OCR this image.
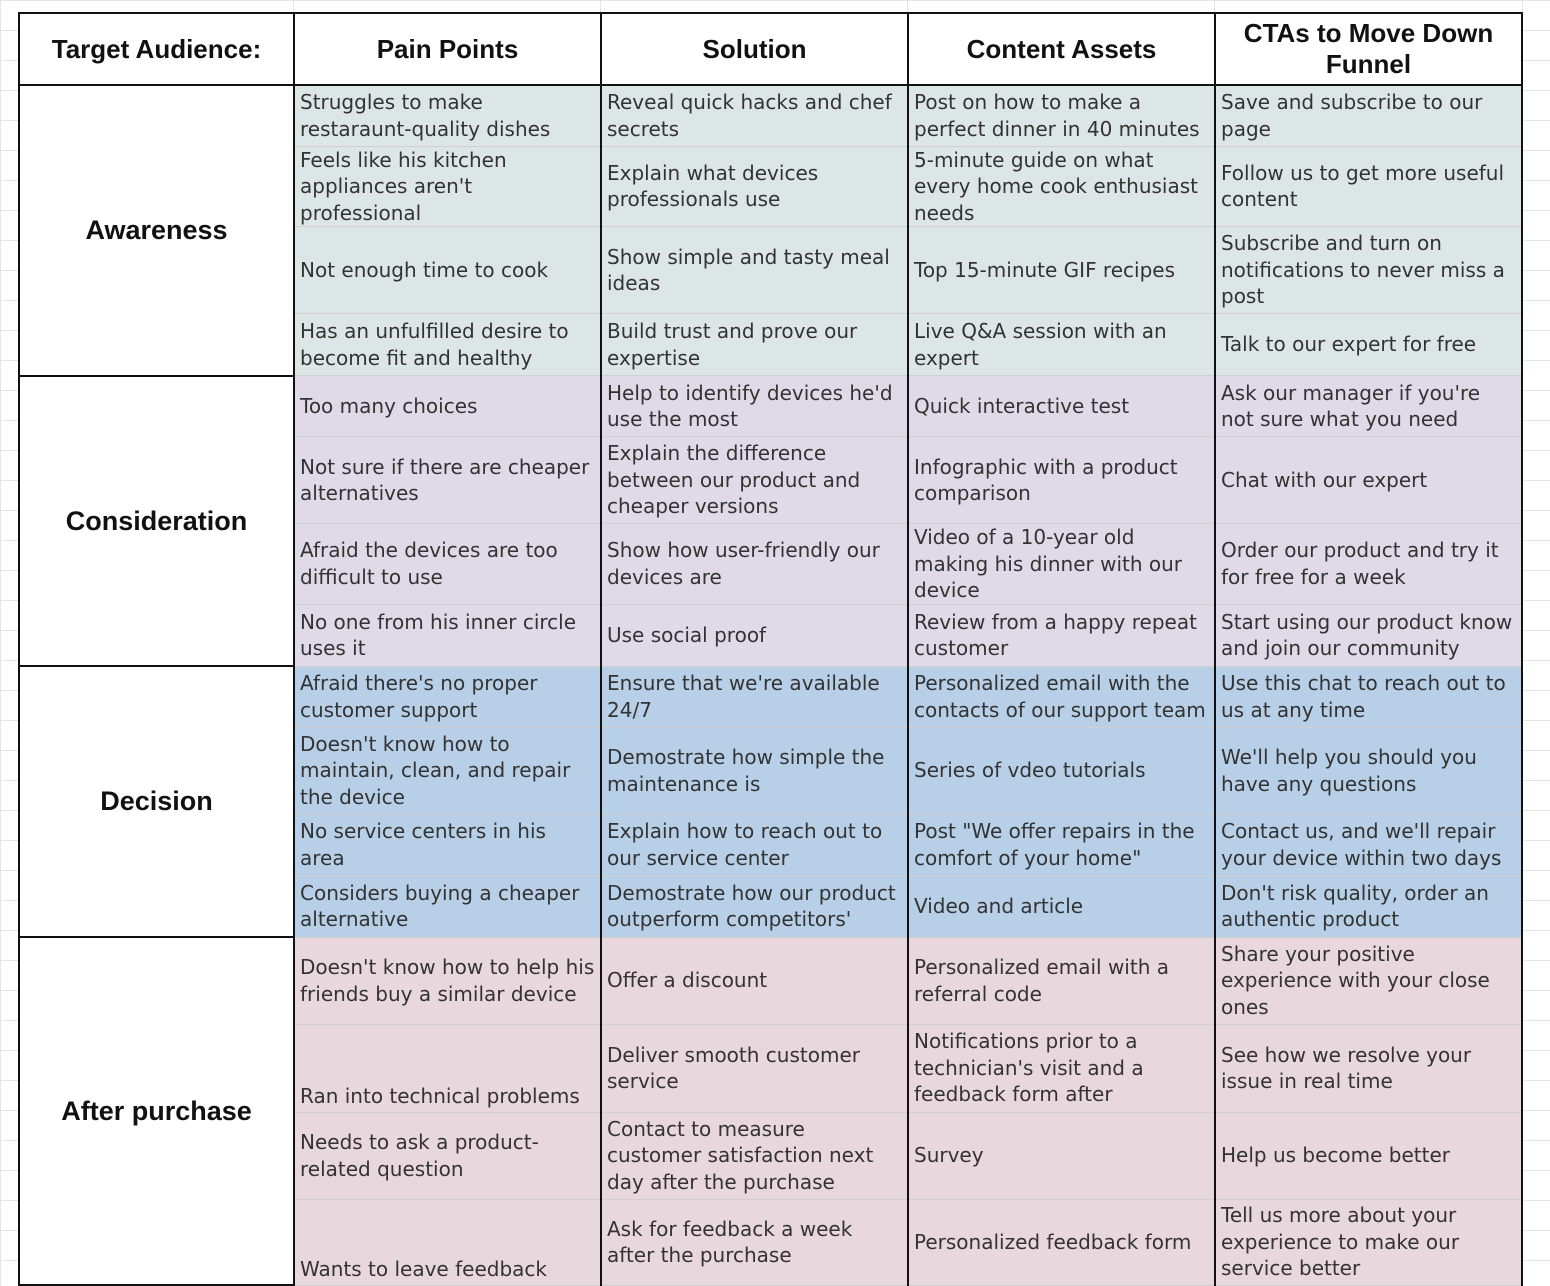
Target Audience:	Pain Points	Solution	Content Assets	CTAs to Move Down Funnel
Awareness	Struggles to make restaraunt-quality dishes	Reveal quick hacks and chef secrets	Post on how to make a perfect dinner in 40 minutes	Save and subscribe to our page
	Feels like his kitchen appliances aren't professional	Explain what devices professionals use	5-minute guide on what every home cook enthusiast needs	Follow us to get more useful content
	Not enough time to cook	Show simple and tasty meal ideas	Top 15-minute GIF recipes	Subscribe and turn on notifications to never miss a post
	Has an unfulfilled desire to become fit and healthy	Build trust and prove our expertise	Live Q&A session with an expert	Talk to our expert for free
Consideration	Too many choices	Help to identify devices he'd use the most	Quick interactive test	Ask our manager if you're not sure what you need
	Not sure if there are cheaper alternatives	Explain the difference between our product and cheaper versions	Infographic with a product comparison	Chat with our expert
	Afraid the devices are too difficult to use	Show how user-friendly our devices are	Video of a 10-year old making his dinner with our device	Order our product and try it for free for a week
	No one from his inner circle uses it	Use social proof	Review from a happy repeat customer	Start using our product know and join our community
Decision	Afraid there's no proper customer support	Ensure that we're available 24/7	Personalized email with the contacts of our support team	Use this chat to reach out to us at any time
	Doesn't know how to maintain, clean, and repair the device	Demostrate how simple the maintenance is	Series of vdeo tutorials	We'll help you should you have any questions
	No service centers in his area	Explain how to reach out to our service center	Post "We offer repairs in the comfort of your home"	Contact us, and we'll repair your device within two days
	Considers buying a cheaper alternative	Demostrate how our product outperform competitors'	Video and article	Don't risk quality, order an authentic product
After purchase	Doesn't know how to help his friends buy a similar device	Offer a discount	Personalized email with a referral code	Share your positive experience with your close ones
	Ran into technical problems	Deliver smooth customer service	Notifications prior to a technician's visit and a feedback form after	See how we resolve your issue in real time
	Needs to ask a product-related question	Contact to measure customer satisfaction next day after the purchase	Survey	Help us become better
	Wants to leave feedback	Ask for feedback a week after the purchase	Personalized feedback form	Tell us more about your experience to make our service better
